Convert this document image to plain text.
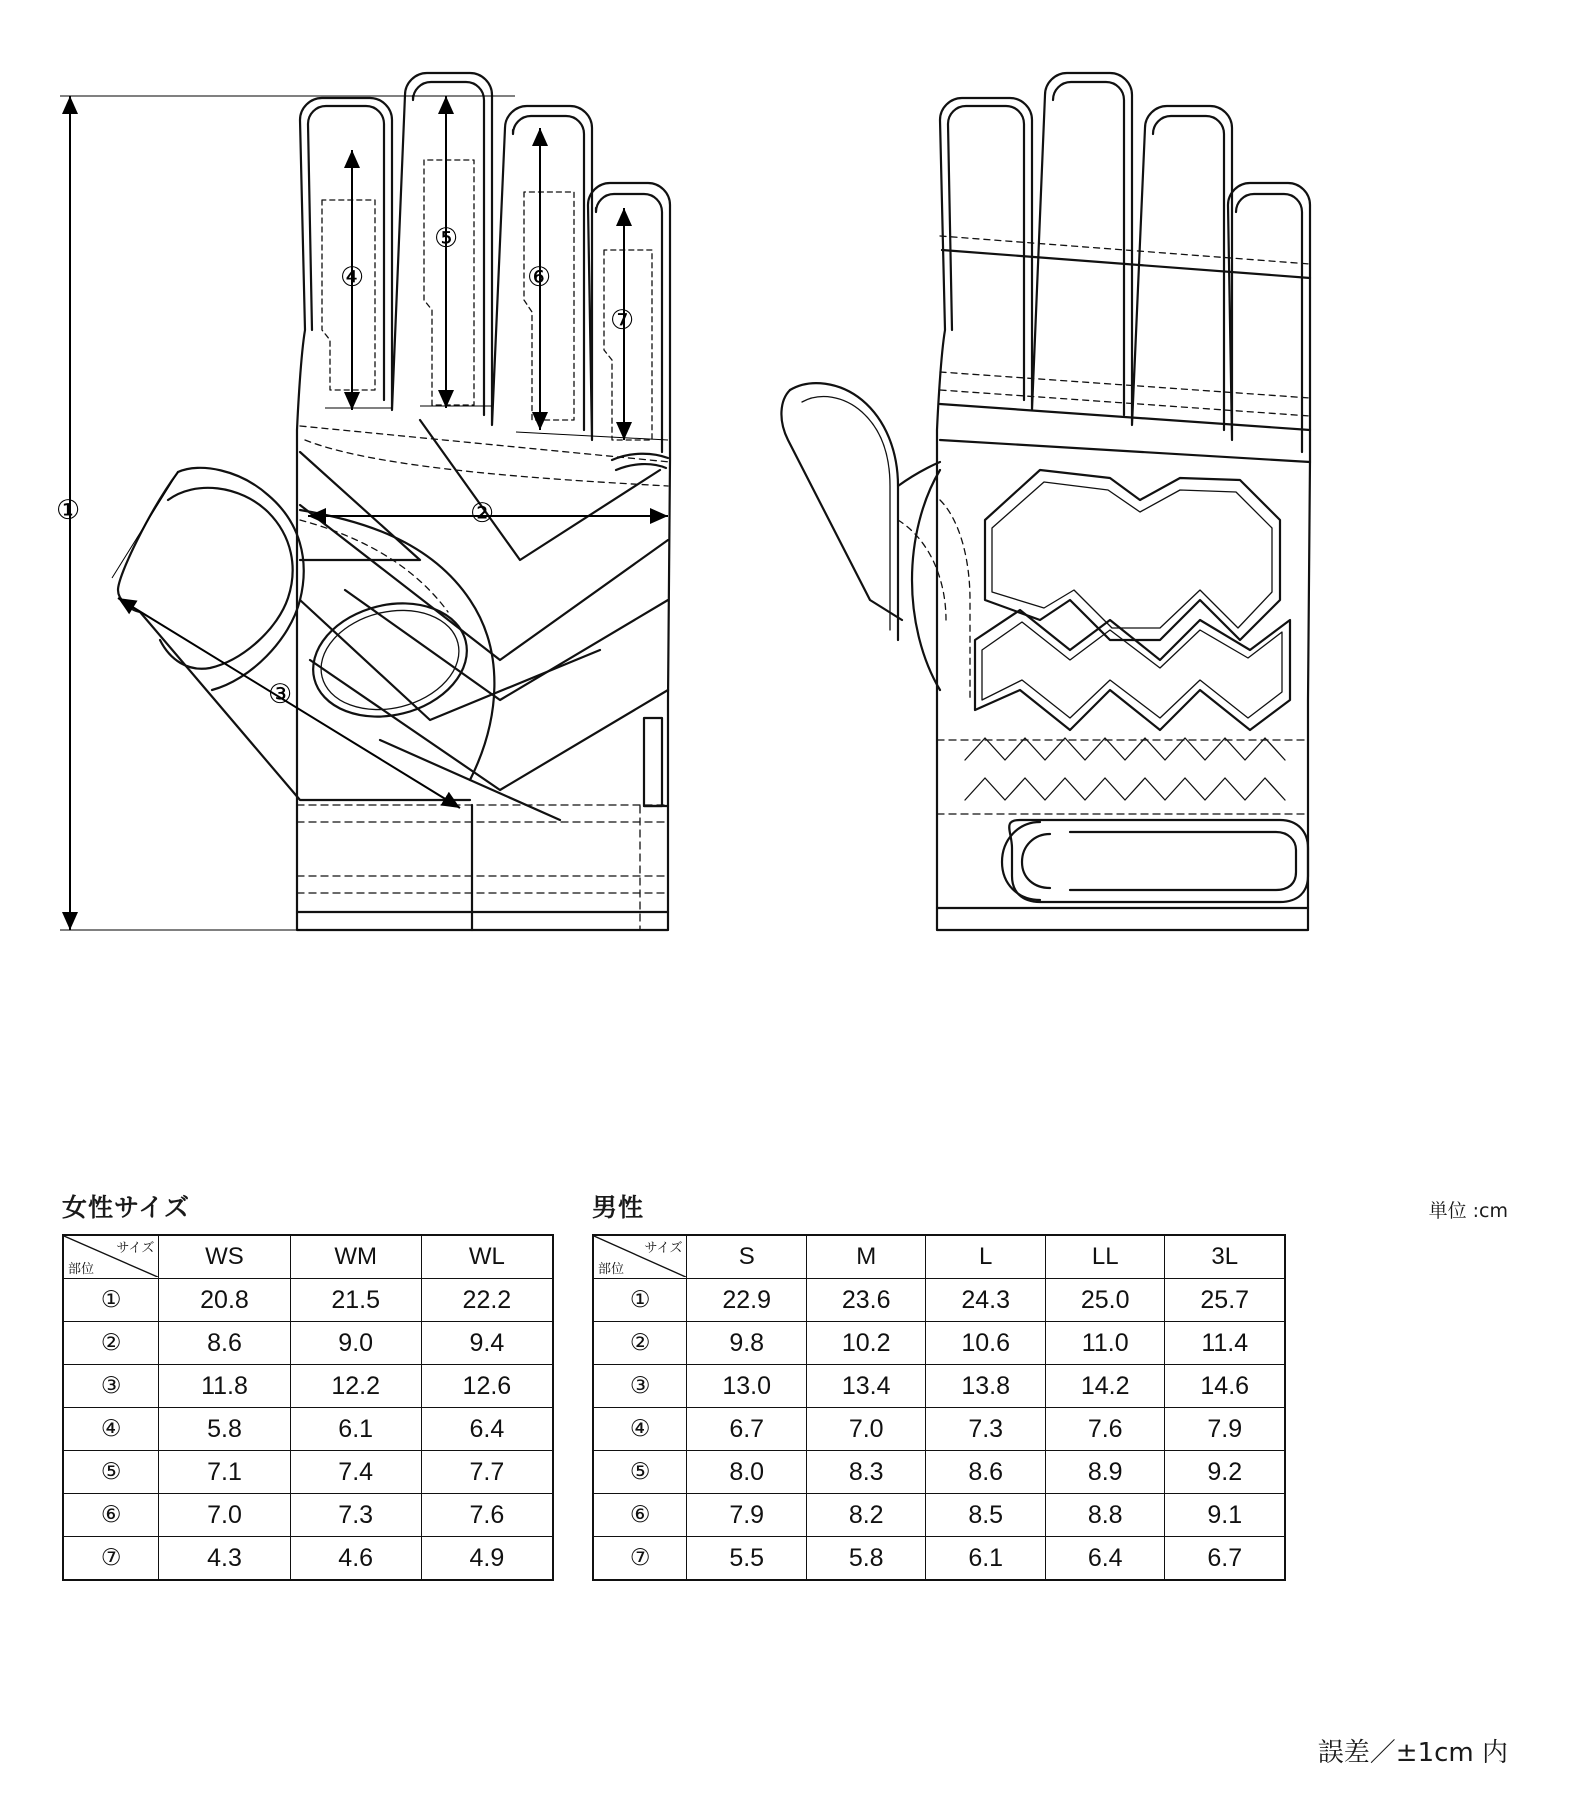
①	②
③
④
⑤
⑥
⑦
単位 :cm
女性サイズ
サイズ
部位	WS	WM	WL
①	20.8	21.5	22.2
②	8.6	9.0	9.4
③	11.8	12.2	12.6
④	5.8	6.1	6.4
⑤	7.1	7.4	7.7
⑥	7.0	7.3	7.6
⑦	4.3	4.6	4.9
男性
サイズ
部位	S	M	L	LL	3L
①	22.9	23.6	24.3	25.0	25.7
②	9.8	10.2	10.6	11.0	11.4
③	13.0	13.4	13.8	14.2	14.6
④	6.7	7.0	7.3	7.6	7.9
⑤	8.0	8.3	8.6	8.9	9.2
⑥	7.9	8.2	8.5	8.8	9.1
⑦	5.5	5.8	6.1	6.4	6.7
誤差／±1cm 内
